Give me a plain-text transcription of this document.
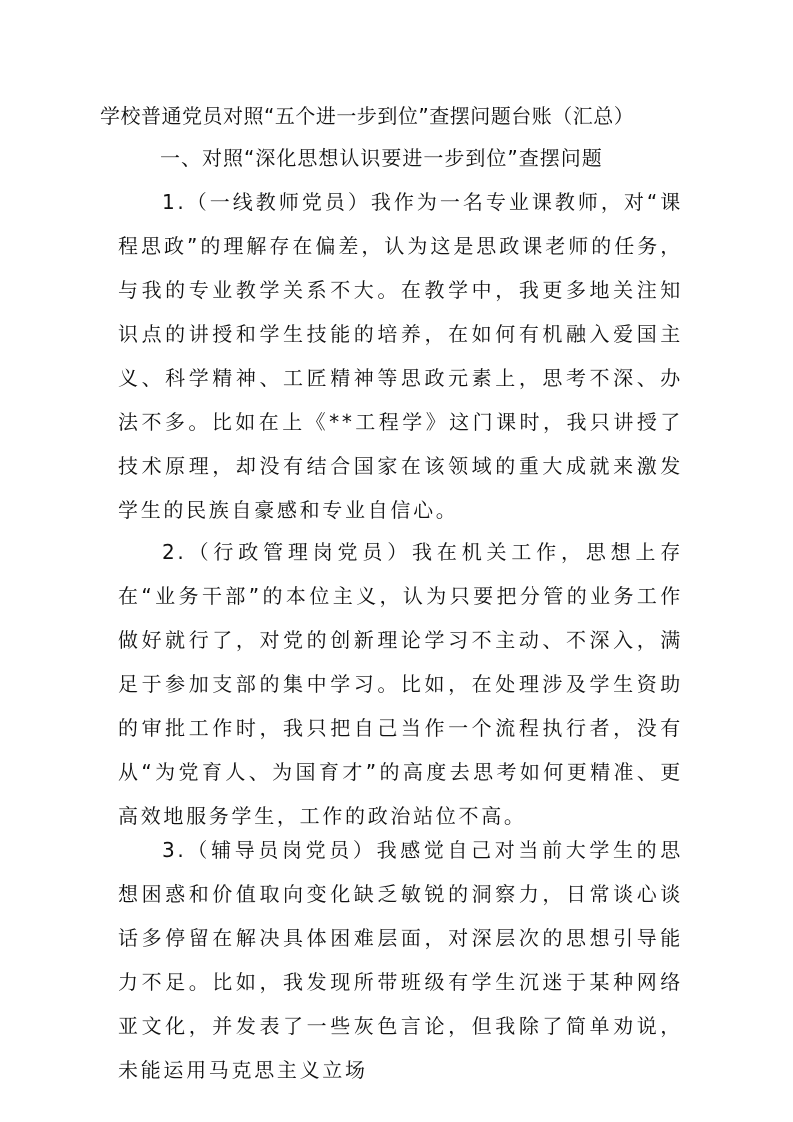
学校普通党员对照“五个进一步到位”查摆问题台账（汇总）
一、对照“深化思想认识要进一步到位”查摆问题

1.（一线教师党员）我作为一名专业课教师，对“课程思政”的理解存在偏差，认为这是思政课老师的任务，与我的专业教学关系不大。在教学中，我更多地关注知识点的讲授和学生技能的培养，在如何有机融入爱国主义、科学精神、工匠精神等思政元素上，思考不深、办法不多。比如在上《**工程学》这门课时，我只讲授了技术原理，却没有结合国家在该领域的重大成就来激发学生的民族自豪感和专业自信心。

2.（行政管理岗党员）我在机关工作，思想上存在“业务干部”的本位主义，认为只要把分管的业务工作做好就行了，对党的创新理论学习不主动、不深入，满足于参加支部的集中学习。比如，在处理涉及学生资助的审批工作时，我只把自己当作一个流程执行者，没有从“为党育人、为国育才”的高度去思考如何更精准、更高效地服务学生，工作的政治站位不高。

3.（辅导员岗党员）我感觉自己对当前大学生的思想困惑和价值取向变化缺乏敏锐的洞察力，日常谈心谈话多停留在解决具体困难层面，对深层次的思想引导能力不足。比如，我发现所带班级有学生沉迷于某种网络亚文化，并发表了一些灰色言论，但我除了简单劝说，未能运用马克思主义立场
